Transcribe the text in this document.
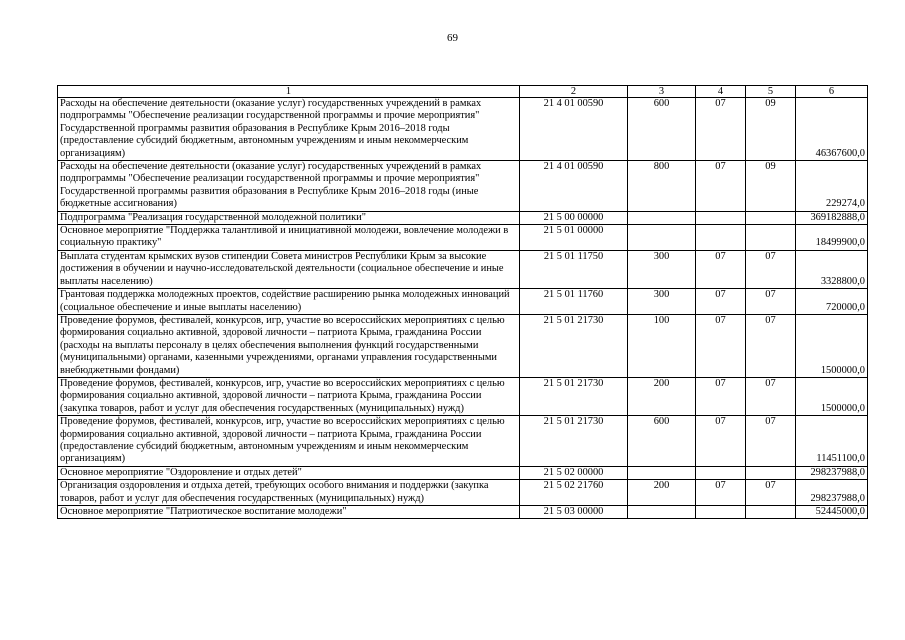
69
1	2	3	4	5	6
Расходы на обеспечение деятельности (оказание услуг) государственных учреждений в рамках подпрограммы "Обеспечение реализации государственной программы и прочие мероприятия" Государственной программы развития образования в Республике Крым 2016–2018 годы (предоставление субсидий бюджетным, автономным учреждениям и иным некоммерческим организациям)	21 4 01 00590	600	07	09	46367600,0
Расходы на обеспечение деятельности (оказание услуг) государственных учреждений в рамках подпрограммы "Обеспечение реализации государственной программы и прочие мероприятия" Государственной программы развития образования в Республике Крым 2016–2018 годы (иные бюджетные ассигнования)	21 4 01 00590	800	07	09	229274,0
Подпрограмма "Реализация государственной молодежной политики"	21 5 00 00000				369182888,0
Основное мероприятие "Поддержка талантливой и инициативной молодежи, вовлечение молодежи в социальную практику"	21 5 01 00000				18499900,0
Выплата студентам крымских вузов стипендии Совета министров Республики Крым за высокие достижения в обучении и научно-исследовательской деятельности (социальное обеспечение и иные выплаты населению)	21 5 01 11750	300	07	07	3328800,0
Грантовая поддержка молодежных проектов, содействие расширению рынка молодежных инноваций (социальное обеспечение и иные выплаты населению)	21 5 01 11760	300	07	07	720000,0
Проведение форумов, фестивалей, конкурсов, игр, участие во всероссийских мероприятиях с целью формирования социально активной, здоровой личности – патриота Крыма, гражданина России (расходы на выплаты персоналу в целях обеспечения выполнения функций государственными (муниципальными) органами, казенными учреждениями, органами управления государственными внебюджетными фондами)	21 5 01 21730	100	07	07	1500000,0
Проведение форумов, фестивалей, конкурсов, игр, участие во всероссийских мероприятиях с целью формирования социально активной, здоровой личности – патриота Крыма, гражданина России (закупка товаров, работ и услуг для обеспечения государственных (муниципальных) нужд)	21 5 01 21730	200	07	07	1500000,0
Проведение форумов, фестивалей, конкурсов, игр, участие во всероссийских мероприятиях с целью формирования социально активной, здоровой личности – патриота Крыма, гражданина России (предоставление субсидий бюджетным, автономным учреждениям и иным некоммерческим организациям)	21 5 01 21730	600	07	07	11451100,0
Основное мероприятие "Оздоровление и отдых детей"	21 5 02 00000				298237988,0
Организация оздоровления и отдыха детей, требующих особого внимания и поддержки (закупка товаров, работ и услуг для обеспечения государственных (муниципальных) нужд)	21 5 02 21760	200	07	07	298237988,0
Основное мероприятие "Патриотическое воспитание молодежи"	21 5 03 00000				52445000,0
